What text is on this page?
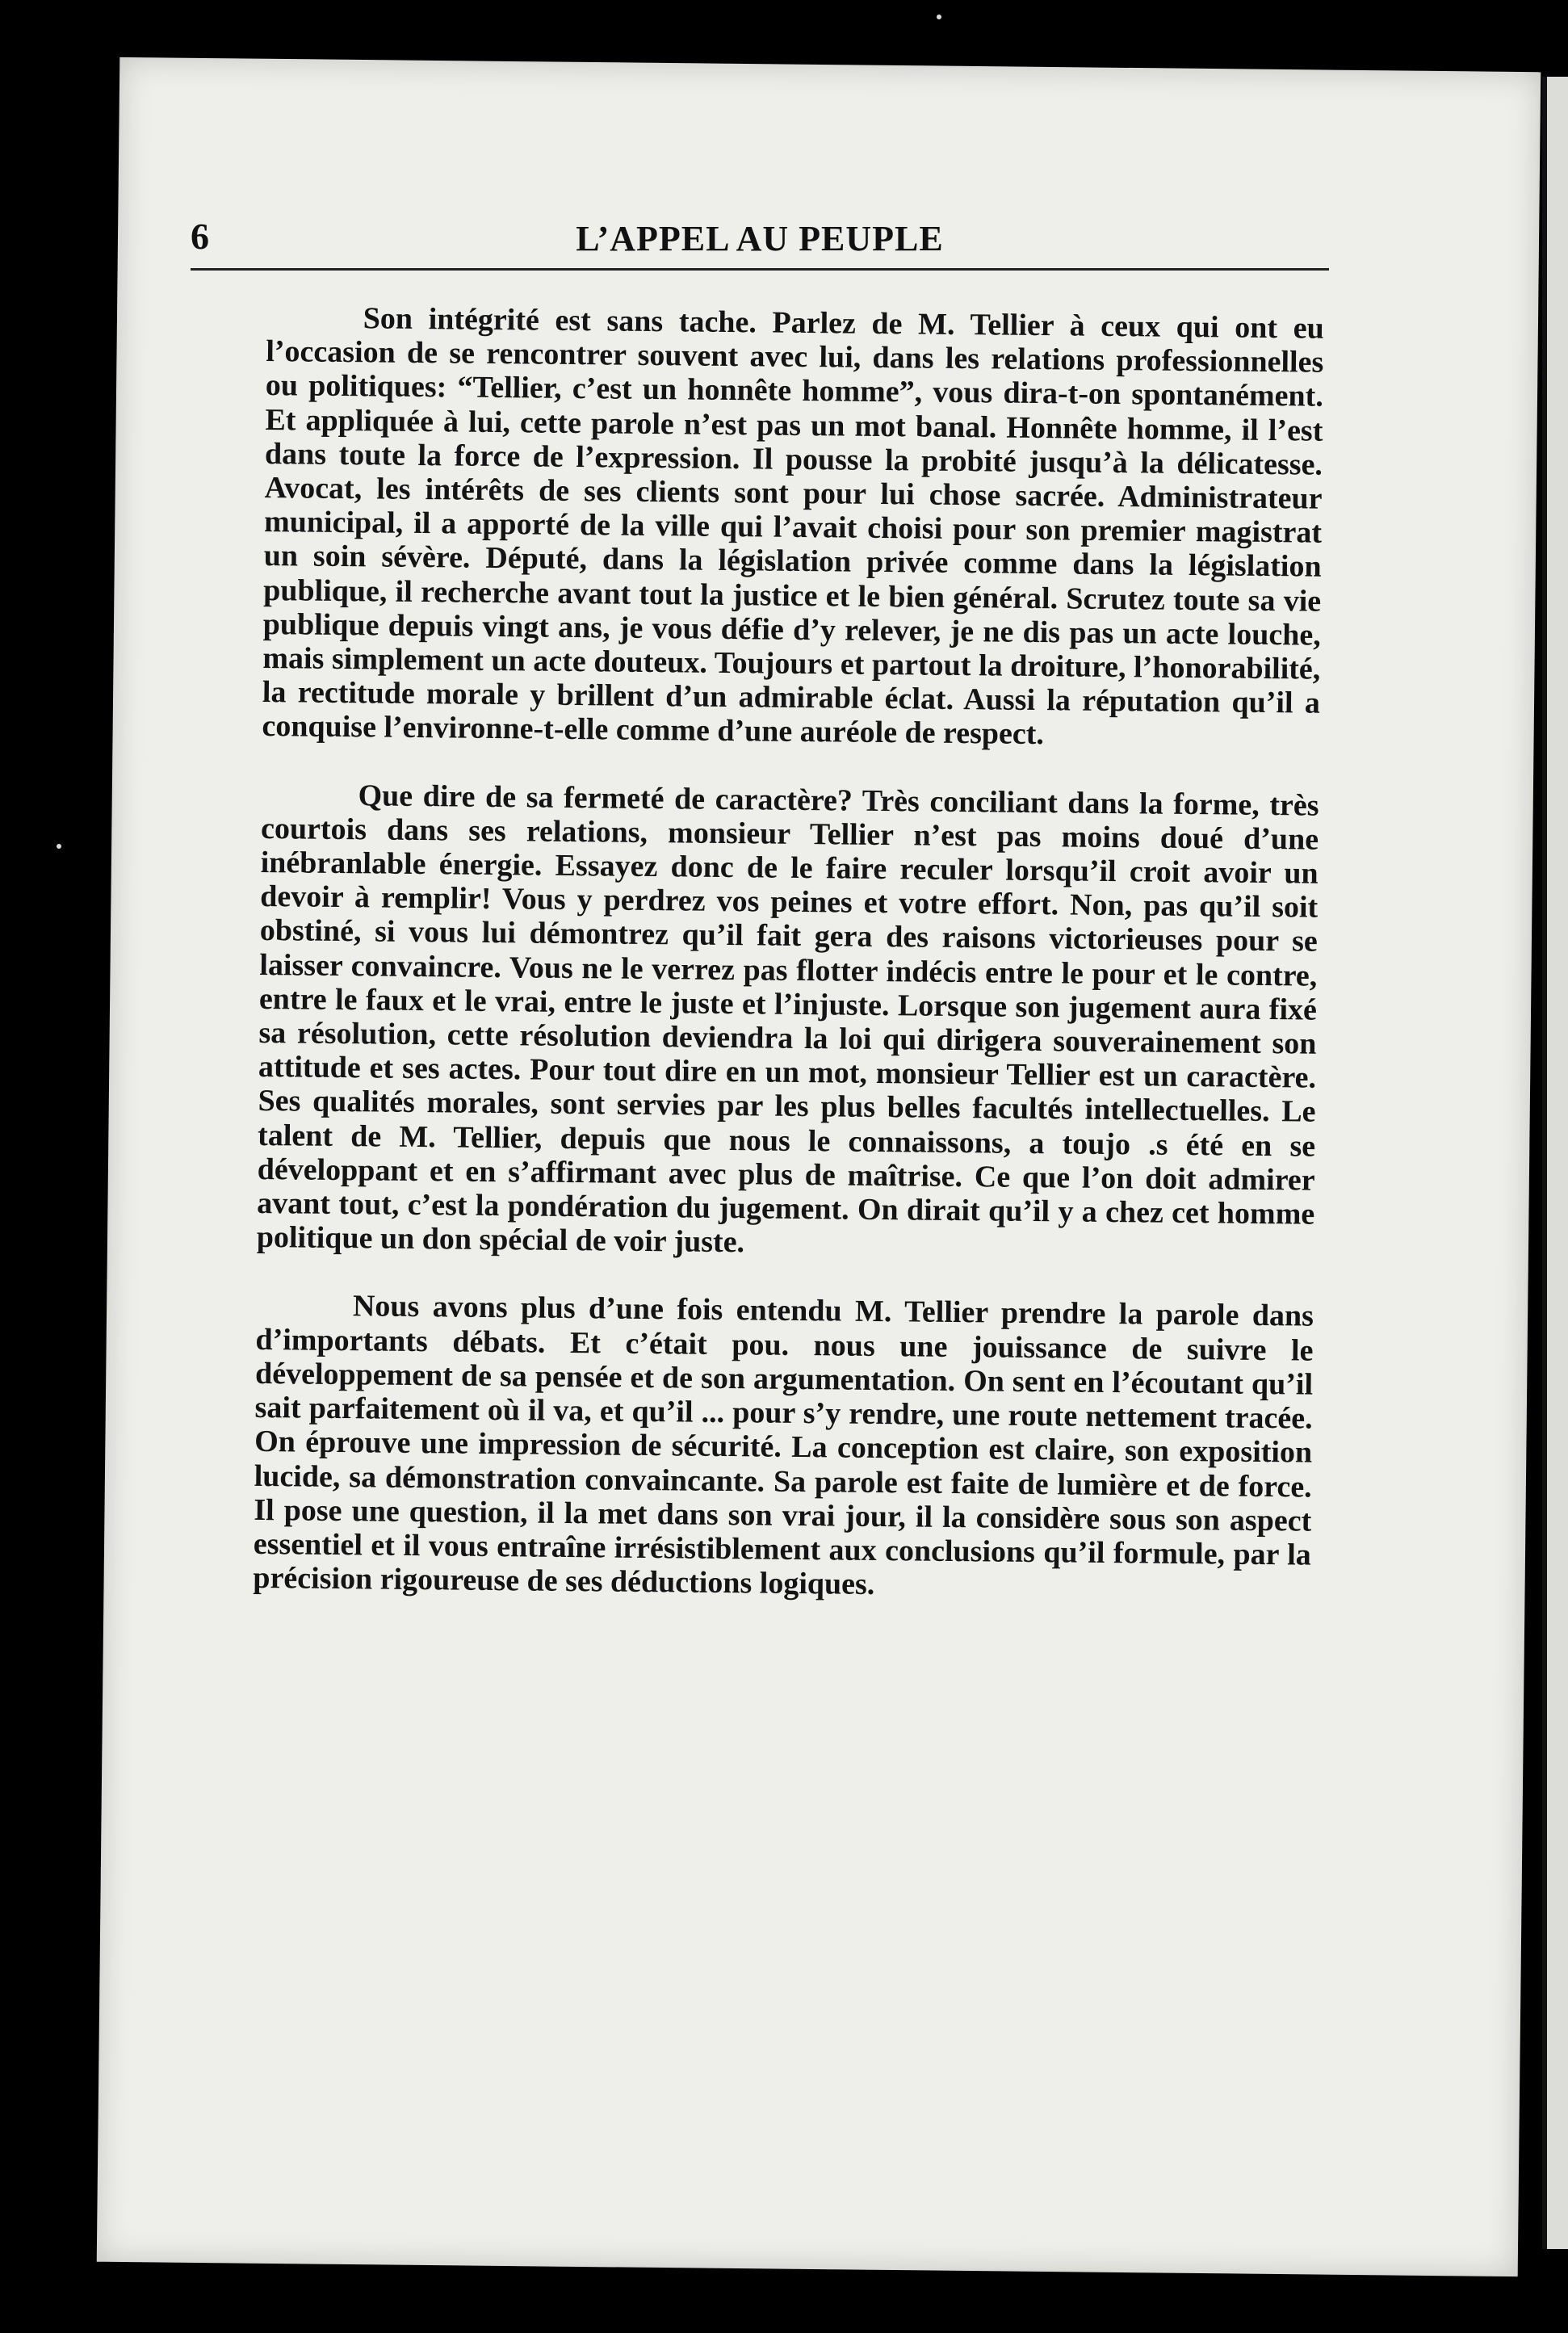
6	L’APPEL AU PEUPLE

Son intégrité est sans tache. Parlez de M. Tellier à ceux qui ont eu l’occasion de se rencontrer souvent avec lui, dans les relations professionnelles ou politiques: “Tellier, c’est un honnête homme”, vous dira-t-on spontanément. Et appliquée à lui, cette parole n’est pas un mot banal. Honnête homme, il l’est dans toute la force de l’expression. Il pousse la probité jusqu’à la délicatesse. Avocat, les intérêts de ses clients sont pour lui chose sacrée. Administrateur municipal, il a apporté de la ville qui l’avait choisi pour son premier magistrat un soin sévère. Député, dans la législation privée comme dans la législation publique, il recherche avant tout la justice et le bien général. Scrutez toute sa vie publique depuis vingt ans, je vous défie d’y relever, je ne dis pas un acte louche, mais simplement un acte douteux. Toujours et partout la droiture, l’honorabilité, la rectitude morale y brillent d’un admirable éclat. Aussi la réputation qu’il a conquise l’environne-t-elle comme d’une auréole de respect.

Que dire de sa fermeté de caractère? Très conciliant dans la forme, très courtois dans ses relations, monsieur Tellier n’est pas moins doué d’une inébranlable énergie. Essayez donc de le faire reculer lorsqu’il croit avoir un devoir à remplir! Vous y perdrez vos peines et votre effort. Non, pas qu’il soit obstiné, si vous lui démontrez qu’il fait gera des raisons victorieuses pour se laisser convaincre. Vous ne le verrez pas flotter indécis entre le pour et le contre, entre le faux et le vrai, entre le juste et l’injuste. Lorsque son jugement aura fixé sa résolution, cette résolution deviendra la loi qui dirigera souverainement son attitude et ses actes. Pour tout dire en un mot, monsieur Tellier est un caractère. Ses qualités morales, sont servies par les plus belles facultés intellectuelles. Le talent de M. Tellier, depuis que nous le connaissons, a toujo .s été en se développant et en s’affirmant avec plus de maîtrise. Ce que l’on doit admirer avant tout, c’est la pondération du jugement. On dirait qu’il y a chez cet homme politique un don spécial de voir juste.

Nous avons plus d’une fois entendu M. Tellier prendre la parole dans d’importants débats. Et c’était pou. nous une jouissance de suivre le développement de sa pensée et de son argumentation. On sent en l’écoutant qu’il sait parfaitement où il va, et qu’il ... pour s’y rendre, une route nettement tracée. On éprouve une impression de sécurité. La conception est claire, son exposition lucide, sa démonstration convaincante. Sa parole est faite de lumière et de force. Il pose une question, il la met dans son vrai jour, il la considère sous son aspect essentiel et il vous entraîne irrésistiblement aux conclusions qu’il formule, par la précision rigoureuse de ses déductions logiques.
